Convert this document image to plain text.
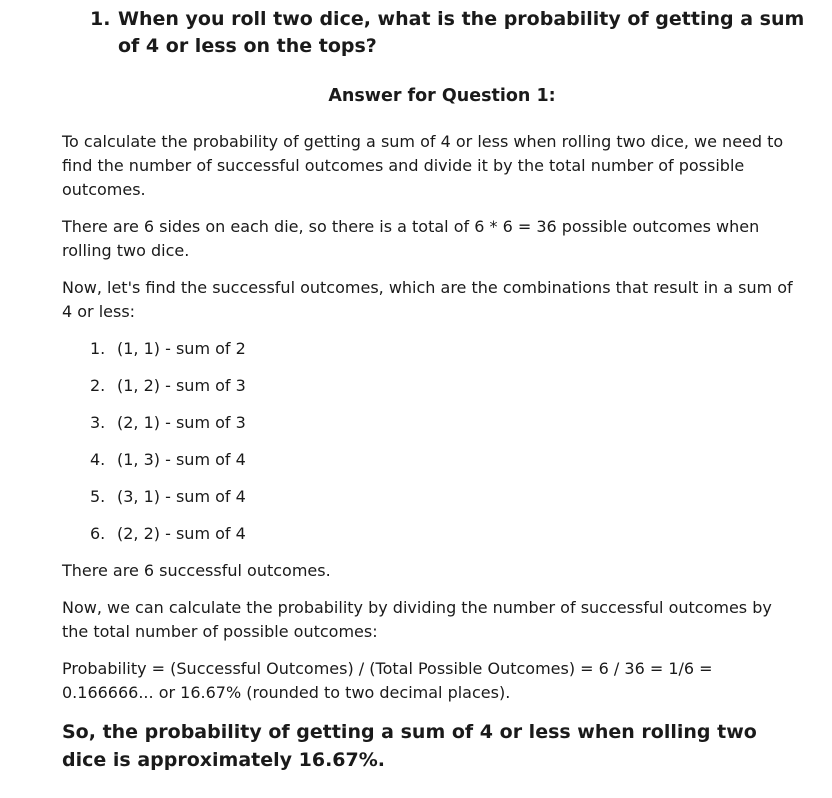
1. When you roll two dice, what is the probability of getting a sum of 4 or less on the tops?
Answer for Question 1:

To calculate the probability of getting a sum of 4 or less when rolling two dice, we need to find the number of successful outcomes and divide it by the total number of possible outcomes.

There are 6 sides on each die, so there is a total of 6 * 6 = 36 possible outcomes when rolling two dice.

Now, let's find the successful outcomes, which are the combinations that result in a sum of 4 or less:

1. (1, 1) - sum of 2
2. (1, 2) - sum of 3
3. (2, 1) - sum of 3
4. (1, 3) - sum of 4
5. (3, 1) - sum of 4
6. (2, 2) - sum of 4

There are 6 successful outcomes.

Now, we can calculate the probability by dividing the number of successful outcomes by the total number of possible outcomes:

Probability = (Successful Outcomes) / (Total Possible Outcomes) = 6 / 36 = 1/6 = 0.166666... or 16.67% (rounded to two decimal places).

So, the probability of getting a sum of 4 or less when rolling two dice is approximately 16.67%.
